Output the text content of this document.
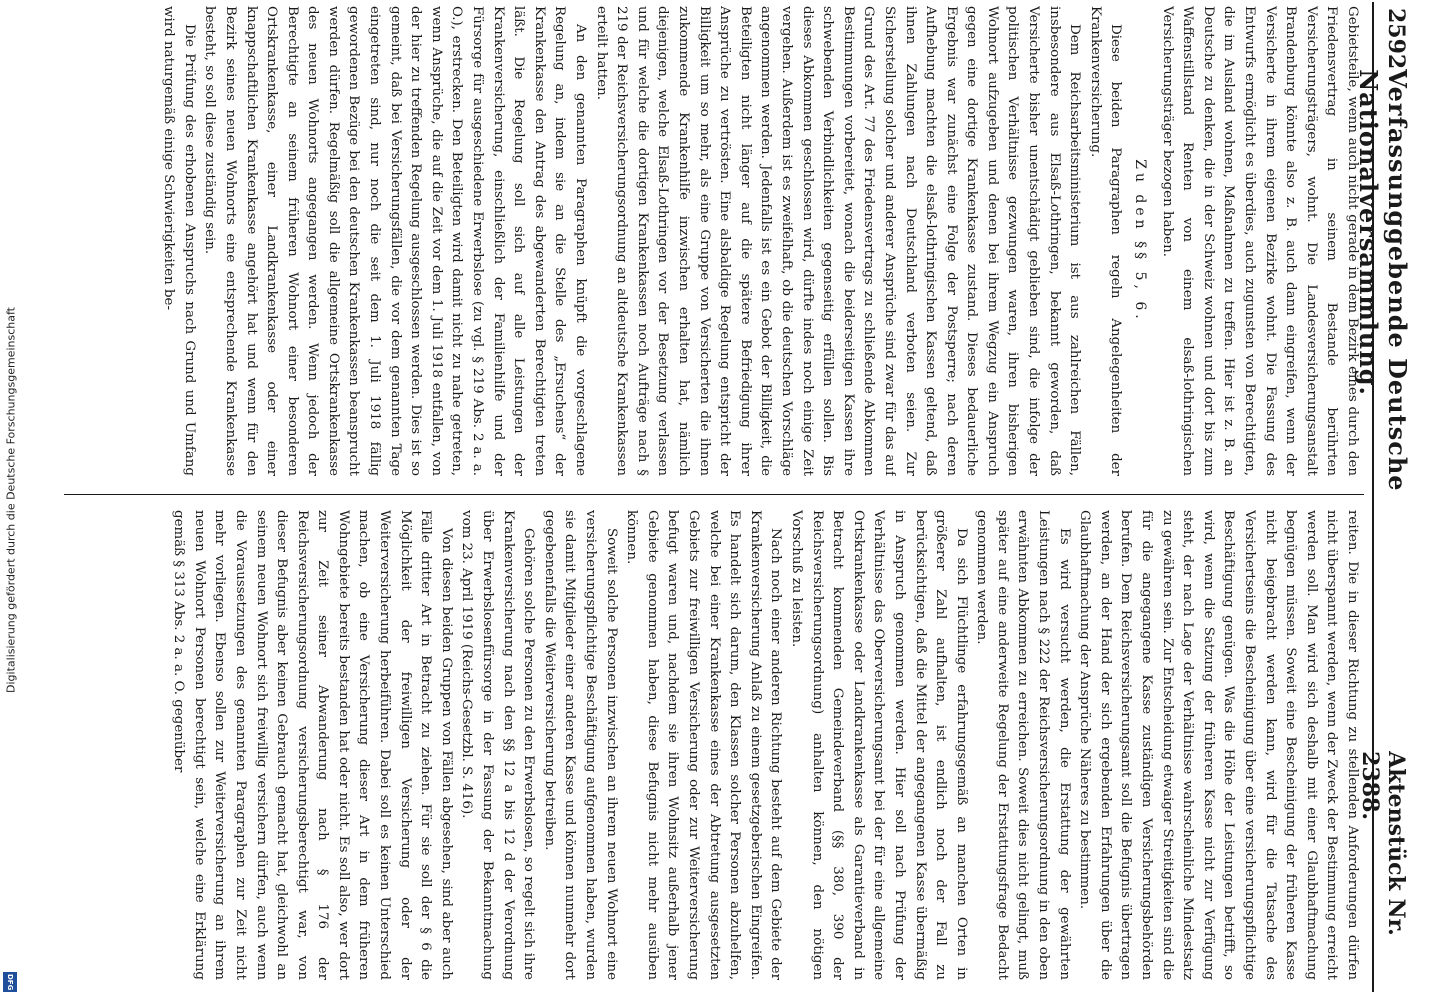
Digitalisierung gefördert durch die Deutsche Forschungsgemeinschaft
DFG
2592
Verfassunggebende Deutsche Nationalversammlung.
Aktenstück Nr. 2388.

Gebietsteile, wenn auch nicht gerade in dem Bezirk eines durch den Friedensvertrag in seinem Bestande berührten Versicherungsträgers, wohnt. Die Landesversicherungsanstalt Brandenburg könnte also z. B. auch dann eingreifen, wenn der Versicherte in ihrem eigenen Bezirke wohnt. Die Fassung des Entwurfs ermöglicht es überdies, auch zugunsten von Berechtigten, die im Ausland wohnen, Maßnahmen zu treffen. Hier ist z. B. an Deutsche zu denken, die in der Schweiz wohnen und dort bis zum Waffenstillstand Renten von einem elsaß-lothringischen Versicherungsträger bezogen haben.

Zu den §§ 5, 6.

Diese beiden Paragraphen regeln Angelegenheiten der Krankenversicherung.

Dem Reichsarbeitsministerium ist aus zahlreichen Fällen, insbesondere aus Elsaß-Lothringen, bekannt geworden, daß Versicherte bisher unentschädigt geblieben sind, die infolge der politischen Verhältnisse gezwungen waren, ihren bisherigen Wohnort aufzugeben und denen bei ihrem Wegzug ein Anspruch gegen eine dortige Krankenkasse zustand. Dieses bedauerliche Ergebnis war zunächst eine Folge der Postsperre; nach deren Aufhebung machten die elsaß-lothringischen Kassen geltend, daß ihnen Zahlungen nach Deutschland verboten seien. Zur Sicherstellung solcher und anderer Ansprüche sind zwar für das auf Grund des Art. 77 des Friedensvertrags zu schließende Abkommen Bestimmungen vorbereitet, wonach die beiderseitigen Kassen ihre schwebenden Verbindlichkeiten gegenseitig erfüllen sollen. Bis dieses Abkommen geschlossen wird, dürfte indes noch einige Zeit vergehen. Außerdem ist es zweifelhaft, ob die deutschen Vorschläge angenommen werden. Jedenfalls ist es ein Gebot der Billigkeit, die Beteiligten nicht länger auf die spätere Befriedigung ihrer Ansprüche zu vertrösten. Eine alsbaldige Regelung entspricht der Billigkeit um so mehr, als eine Gruppe von Versicherten die ihnen zukommende Krankenhilfe inzwischen erhalten hat, nämlich diejenigen, welche Elsaß-Lothringen vor der Besetzung verlassen und für welche die dortigen Krankenkassen noch Aufträge nach § 219 der Reichsversicherungsordnung an altdeutsche Krankenkassen erteilt hatten.

An den genannten Paragraphen knüpft die vorgeschlagene Regelung an, indem sie an die Stelle des „Ersuchens“ der Krankenkasse den Antrag des abgewanderten Berechtigten treten läßt. Die Regelung soll sich auf alle Leistungen der Krankenversicherung, einschließlich der Familienhilfe und der Fürsorge für ausgeschiedene Erwerbslose (zu vgl. § 219 Abs. 2 a. a. O.), erstrecken. Den Beteiligten wird damit nicht zu nahe getreten, wenn Ansprüche, die auf die Zeit vor dem 1. Juli 1918 entfallen, von der hier zu treffenden Regelung ausgeschlossen werden. Dies ist so gemeint, daß bei Versicherungsfällen, die vor dem genannten Tage eingetreten sind, nur noch die seit dem 1. Juli 1918 fällig gewordenen Bezüge bei den deutschen Krankenkassen beansprucht werden dürfen. Regelmäßig soll die allgemeine Ortskrankenkasse des neuen Wohnorts angegangen werden. Wenn jedoch der Berechtigte an seinem früheren Wohnort einer besonderen Ortskrankenkasse, einer Landkrankenkasse oder einer knappschaftlichen Krankenkasse angehört hat und wenn für den Bezirk seines neuen Wohnorts eine entsprechende Krankenkasse besteht, so soll diese zuständig sein.

Die Prüfung des erhobenen Anspruchs nach Grund und Umfang wird naturgemäß einige Schwierigkeiten be-

reiten. Die in dieser Richtung zu stellenden Anforderungen dürfen nicht überspannt werden, wenn der Zweck der Bestimmung erreicht werden soll. Man wird sich deshalb mit einer Glaubhaftmachung begnügen müssen. Soweit eine Bescheinigung der früheren Kasse nicht beigebracht werden kann, wird für die Tatsache des Versichertseins die Bescheinigung über eine versicherungspflichtige Beschäftigung genügen. Was die Höhe der Leistungen betrifft, so wird, wenn die Satzung der früheren Kasse nicht zur Verfügung steht, der nach Lage der Verhältnisse wahrscheinliche Mindestsatz zu gewähren sein. Zur Entscheidung etwaiger Streitigkeiten sind die für die angegangene Kasse zuständigen Versicherungsbehörden berufen. Dem Reichsversicherungsamt soll die Befugnis übertragen werden, an der Hand der sich ergebenden Erfahrungen über die Glaubhaftmachung der Ansprüche Näheres zu bestimmen.

Es wird versucht werden, die Erstattung der gewährten Leistungen nach § 222 der Reichsversicherungsordnung in den oben erwähnten Abkommen zu erreichen. Soweit dies nicht gelingt, muß später auf eine anderweite Regelung der Erstattungsfrage Bedacht genommen werden.

Da sich Flüchtlinge erfahrungsgemäß an manchen Orten in größerer Zahl aufhalten, ist endlich noch der Fall zu berücksichtigen, daß die Mittel der angegangenen Kasse übermäßig in Anspruch genommen werden. Hier soll nach Prüfung der Verhältnisse das Oberversicherungsamt bei der für eine allgemeine Ortskrankenkasse oder Landkrankenkasse als Garantieverband in Betracht kommenden Gemeindeverband (§§ 380, 390 der Reichsversicherungsordnung) anhalten können, den nötigen Vorschuß zu leisten.

Nach noch einer anderen Richtung besteht auf dem Gebiete der Krankenversicherung Anlaß zu einem gesetzgeberischen Eingreifen. Es handelt sich darum, den Klassen solcher Personen abzuhelfen, welche bei einer Krankenkasse eines der Abtretung ausgesetzten Gebiets zur freiwilligen Versicherung oder zur Weiterversicherung befugt waren und, nachdem sie ihren Wohnsitz außerhalb jener Gebiete genommen haben, diese Befugnis nicht mehr ausüben können.

Soweit solche Personen inzwischen an ihrem neuen Wohnort eine versicherungspflichtige Beschäftigung aufgenommen haben, wurden sie damit Mitglieder einer anderen Kasse und können nunmehr dort gegebenenfalls die Weiterversicherung betreiben.

Gehören solche Personen zu den Erwerbslosen, so regelt sich ihre Krankenversicherung nach den §§ 12 a bis 12 d der Verordnung über Erwerbslosenfürsorge in der Fassung der Bekanntmachung vom 23. April 1919 (Reichs-Gesetzbl. S. 416).

Von diesen beiden Gruppen von Fällen abgesehen, sind aber auch Fälle dritter Art in Betracht zu ziehen. Für sie soll der § 6 die Möglichkeit der freiwilligen Versicherung oder der Weiterversicherung herbeiführen. Dabei soll es keinen Unterschied machen, ob eine Versicherung dieser Art in dem früheren Wohngebiete bereits bestanden hat oder nicht. Es soll also, wer dort zur Zeit seiner Abwanderung nach § 176 der Reichsversicherungsordnung versicherungsberechtigt war, von dieser Befugnis aber keinen Gebrauch gemacht hat, gleichwohl an seinem neuen Wohnort sich freiwillig versichern dürfen, auch wenn die Voraussetzungen des genannten Paragraphen zur Zeit nicht mehr vorliegen. Ebenso sollen zur Weiterversicherung an ihrem neuen Wohnort Personen berechtigt sein, welche eine Erklärung gemäß § 313 Abs. 2 a. a. O. gegenüber
